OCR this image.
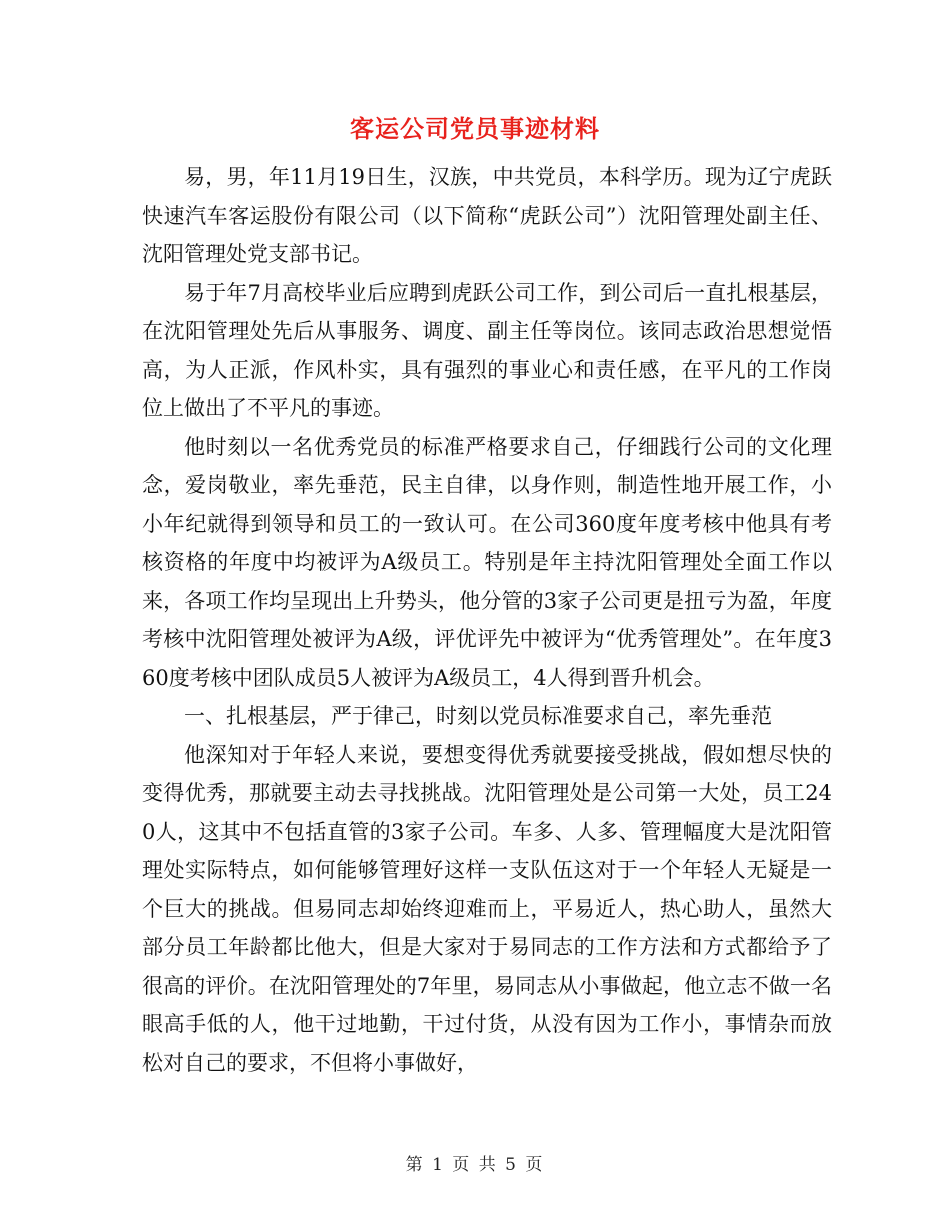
客运公司党员事迹材料

易，男，年11月19日生，汉族，中共党员，本科学历。现为辽宁虎跃快速汽车客运股份有限公司（以下简称“虎跃公司”）沈阳管理处副主任、沈阳管理处党支部书记。

易于年7月高校毕业后应聘到虎跃公司工作，到公司后一直扎根基层，在沈阳管理处先后从事服务、调度、副主任等岗位。该同志政治思想觉悟高，为人正派，作风朴实，具有强烈的事业心和责任感，在平凡的工作岗位上做出了不平凡的事迹。

他时刻以一名优秀党员的标准严格要求自己，仔细践行公司的文化理念，爱岗敬业，率先垂范，民主自律，以身作则，制造性地开展工作，小小年纪就得到领导和员工的一致认可。在公司360度年度考核中他具有考核资格的年度中均被评为A级员工。特别是年主持沈阳管理处全面工作以来，各项工作均呈现出上升势头，他分管的3家子公司更是扭亏为盈，年度考核中沈阳管理处被评为A级，评优评先中被评为“优秀管理处”。在年度360度考核中团队成员5人被评为A级员工，4人得到晋升机会。

一、扎根基层，严于律己，时刻以党员标准要求自己，率先垂范

他深知对于年轻人来说，要想变得优秀就要接受挑战，假如想尽快的变得优秀，那就要主动去寻找挑战。沈阳管理处是公司第一大处，员工240人，这其中不包括直管的3家子公司。车多、人多、管理幅度大是沈阳管理处实际特点，如何能够管理好这样一支队伍这对于一个年轻人无疑是一个巨大的挑战。但易同志却始终迎难而上，平易近人，热心助人，虽然大部分员工年龄都比他大，但是大家对于易同志的工作方法和方式都给予了很高的评价。在沈阳管理处的7年里，易同志从小事做起，他立志不做一名眼高手低的人，他干过地勤，干过付货，从没有因为工作小，事情杂而放松对自己的要求，不但将小事做好，

第 1 页 共 5 页
